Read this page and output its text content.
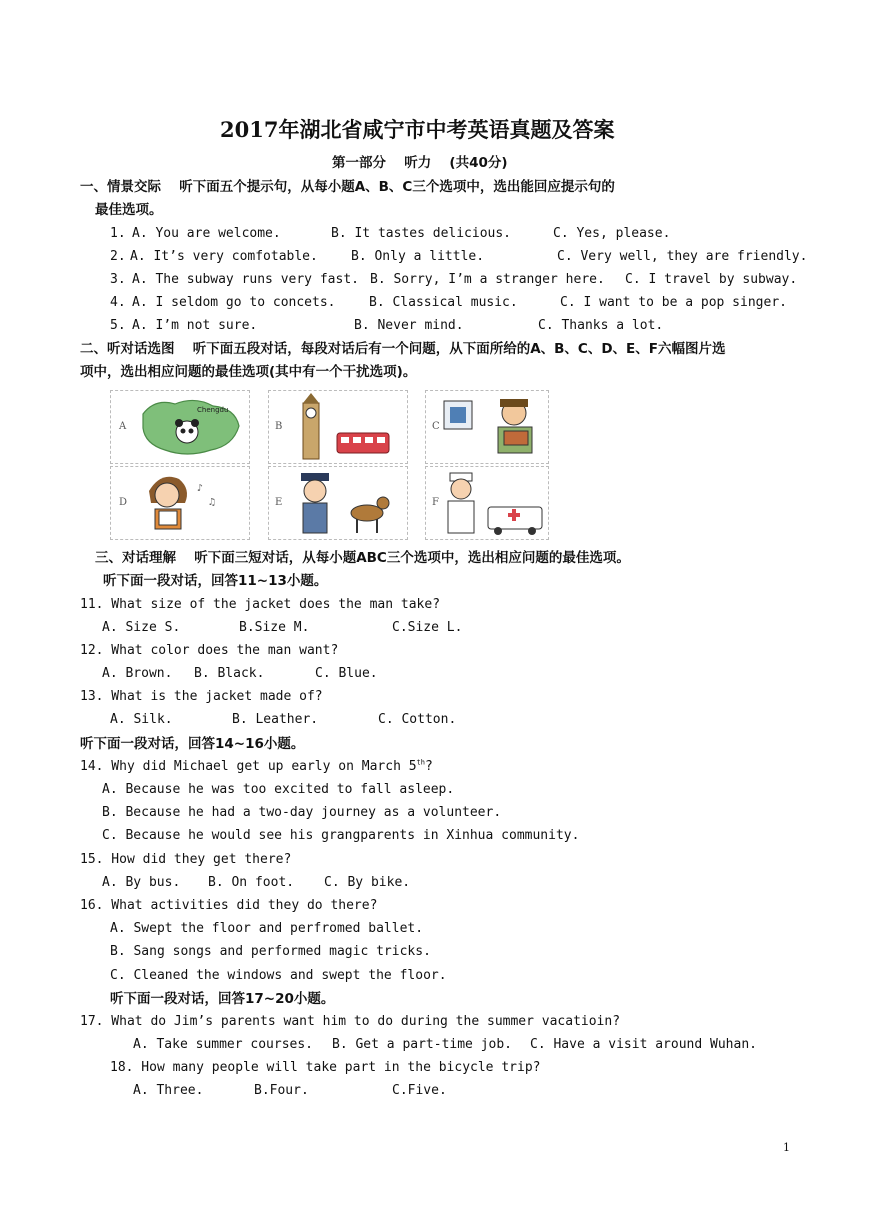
2017年湖北省咸宁市中考英语真题及答案
第一部分　 听力　 (共40分)
一、情景交际　 听下面五个提示句，从每小题A、B、C三个选项中，选出能回应提示句的
最佳选项。
1. A. You are welcome.	B. It tastes delicious.	C. Yes, please.
2. A. It’s very comfotable.	B. Only a little.	C. Very well, they are friendly.
3. A. The subway runs very fast. B. Sorry, I’m a stranger here. C. I travel by subway.
4. A. I seldom go to concets.	B. Classical music.	C. I want to be a pop singer.
5. A. I’m not sure.	B. Never mind.	C. Thanks a lot.
二、听对话选图　 听下面五段对话，每段对话后有一个问题，从下面所给的A、B、C、D、E、F六幅图片选
项中，选出相应问题的最佳选项(其中有一个干扰选项)。
A
Chengdu
B	C
D
♪
♫	E	F
三、对话理解　 听下面三短对话，从每小题ABC三个选项中，选出相应问题的最佳选项。
听下面一段对话，回答11~13小题。
11. What size of the jacket does the man take?
A. Size S.	B.Size M.	C.Size L.
12. What color does the man want?
A. Brown. B. Black.	C. Blue.
13. What is the jacket made of?
A. Silk.	B. Leather.	C. Cotton.
听下面一段对话，回答14~16小题。
14. Why did Michael get up early on March 5th?
A. Because he was too excited to fall asleep.
B. Because he had a two-day journey as a volunteer.
C. Because he would see his grangparents in Xinhua community.
15. How did they get there?
A. By bus. B. On foot. C. By bike.
16. What activities did they do there?
A. Swept the floor and perfromed ballet.
B. Sang songs and performed magic tricks.
C. Cleaned the windows and swept the floor.
听下面一段对话，回答17~20小题。
17. What do Jim’s parents want him to do during the summer vacatioin?
A. Take summer courses. B. Get a part-time job. C. Have a visit around Wuhan.
18. How many people will take part in the bicycle trip?
A. Three.	B.Four.	C.Five.
1
